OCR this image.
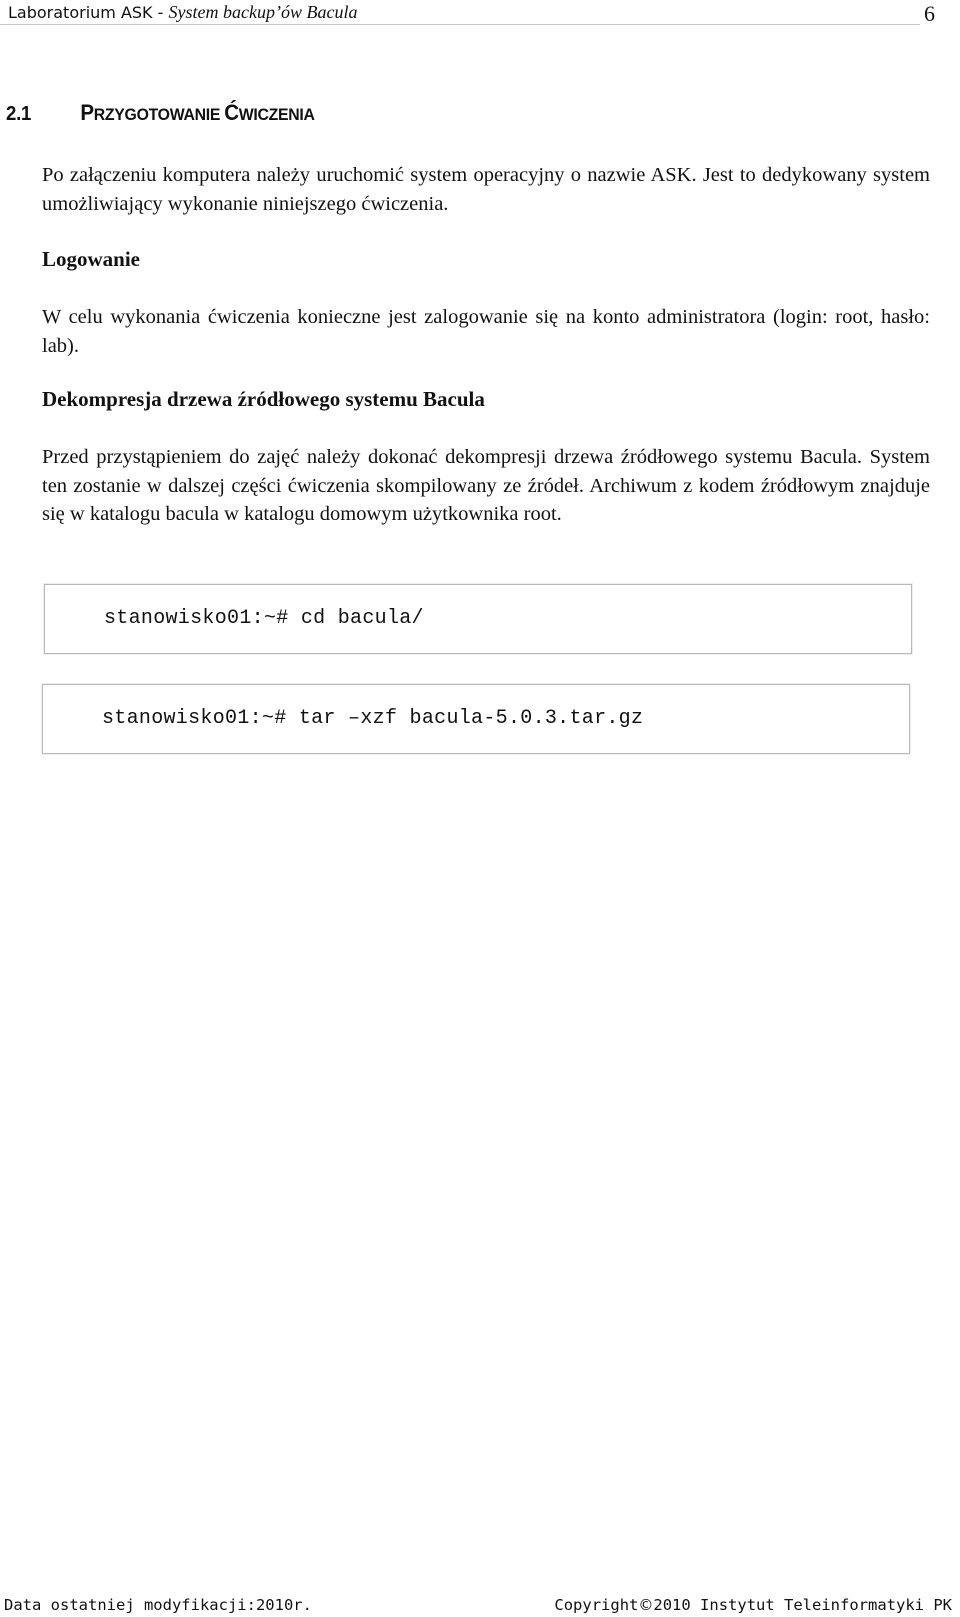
Laboratorium ASK - System backup’ów Bacula	6
2.1 PRZYGOTOWANIE ĆWICZENIA

Po załączeniu komputera należy uruchomić system operacyjny o nazwie ASK. Jest to dedykowany system umożliwiający wykonanie niniejszego ćwiczenia.

Logowanie

W celu wykonania ćwiczenia konieczne jest zalogowanie się na konto administratora (login: root, hasło: lab).

Dekompresja drzewa źródłowego systemu Bacula

Przed przystąpieniem do zajęć należy dokonać dekompresji drzewa źródłowego systemu Bacula. System ten zostanie w dalszej części ćwiczenia skompilowany ze źródeł. Archiwum z kodem źródłowym znajduje się w katalogu bacula w katalogu domowym użytkownika root.

stanowisko01:~# cd bacula/
stanowisko01:~# tar –xzf bacula-5.0.3.tar.gz
Data ostatniej modyfikacji:2010r.	Copyright©2010 Instytut Teleinformatyki PK
